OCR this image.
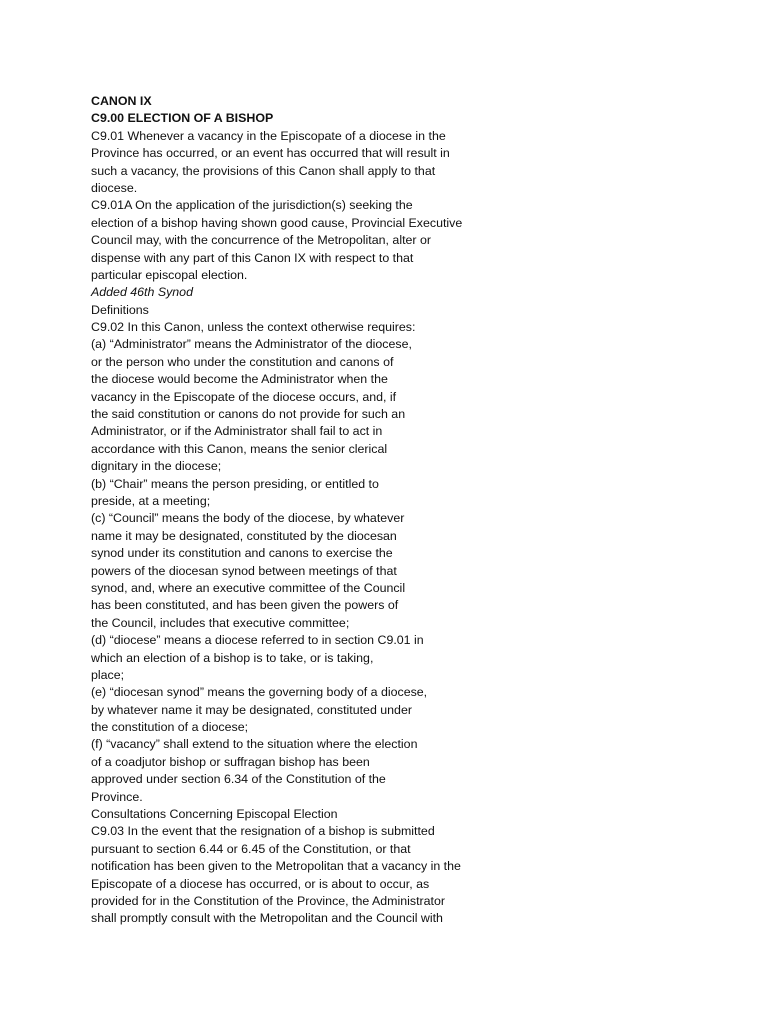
CANON IX
C9.00 ELECTION OF A BISHOP
C9.01 Whenever a vacancy in the Episcopate of a diocese in the
Province has occurred, or an event has occurred that will result in
such a vacancy, the provisions of this Canon shall apply to that
diocese.
C9.01A On the application of the jurisdiction(s) seeking the
election of a bishop having shown good cause, Provincial Executive
Council may, with the concurrence of the Metropolitan, alter or
dispense with any part of this Canon IX with respect to that
particular episcopal election.
Added 46th Synod
Definitions
C9.02 In this Canon, unless the context otherwise requires:
(a) “Administrator” means the Administrator of the diocese,
or the person who under the constitution and canons of
the diocese would become the Administrator when the
vacancy in the Episcopate of the diocese occurs, and, if
the said constitution or canons do not provide for such an
Administrator, or if the Administrator shall fail to act in
accordance with this Canon, means the senior clerical
dignitary in the diocese;
(b) “Chair” means the person presiding, or entitled to
preside, at a meeting;
(c) “Council” means the body of the diocese, by whatever
name it may be designated, constituted by the diocesan
synod under its constitution and canons to exercise the
powers of the diocesan synod between meetings of that
synod, and, where an executive committee of the Council
has been constituted, and has been given the powers of
the Council, includes that executive committee;
(d) “diocese” means a diocese referred to in section C9.01 in
which an election of a bishop is to take, or is taking,
place;
(e) “diocesan synod” means the governing body of a diocese,
by whatever name it may be designated, constituted under
the constitution of a diocese;
(f) “vacancy” shall extend to the situation where the election
of a coadjutor bishop or suffragan bishop has been
approved under section 6.34 of the Constitution of the
Province.
Consultations Concerning Episcopal Election
C9.03 In the event that the resignation of a bishop is submitted
pursuant to section 6.44 or 6.45 of the Constitution, or that
notification has been given to the Metropolitan that a vacancy in the
Episcopate of a diocese has occurred, or is about to occur, as
provided for in the Constitution of the Province, the Administrator
shall promptly consult with the Metropolitan and the Council with
